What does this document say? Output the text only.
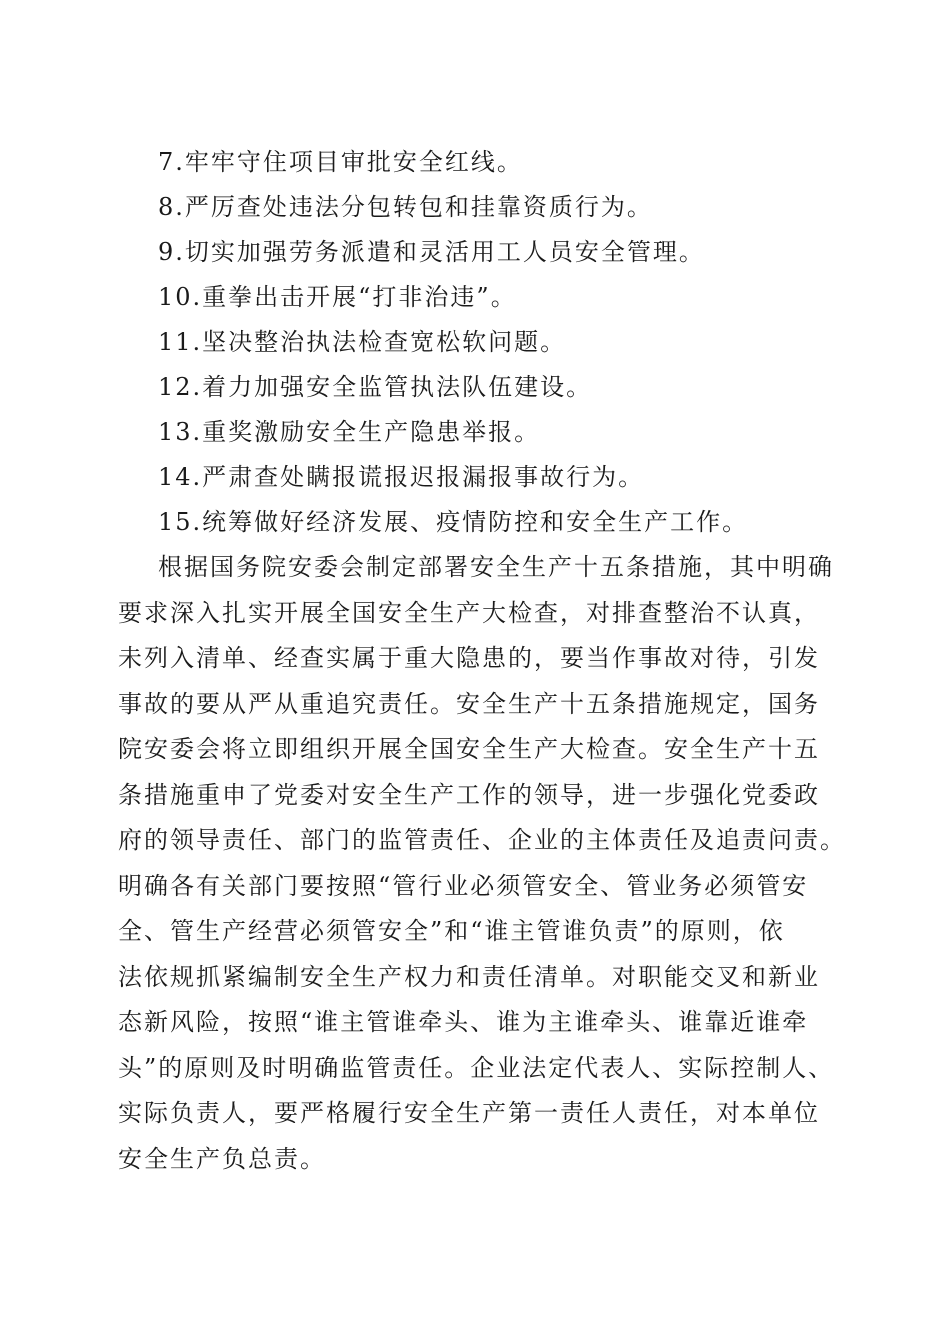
7.牢牢守住项目审批安全红线。
8.严厉查处违法分包转包和挂靠资质行为。
9.切实加强劳务派遣和灵活用工人员安全管理。
10.重拳出击开展“打非治违”。
11.坚决整治执法检查宽松软问题。
12.着力加强安全监管执法队伍建设。
13.重奖激励安全生产隐患举报。
14.严肃查处瞒报谎报迟报漏报事故行为。
15.统筹做好经济发展、疫情防控和安全生产工作。
根据国务院安委会制定部署安全生产十五条措施，其中明确
要求深入扎实开展全国安全生产大检查，对排查整治不认真，
未列入清单、经查实属于重大隐患的，要当作事故对待，引发
事故的要从严从重追究责任。安全生产十五条措施规定，国务
院安委会将立即组织开展全国安全生产大检查。安全生产十五
条措施重申了党委对安全生产工作的领导，进一步强化党委政
府的领导责任、部门的监管责任、企业的主体责任及追责问责。
明确各有关部门要按照“管行业必须管安全、管业务必须管安
全、管生产经营必须管安全”和“谁主管谁负责”的原则，依
法依规抓紧编制安全生产权力和责任清单。对职能交叉和新业
态新风险，按照“谁主管谁牵头、谁为主谁牵头、谁靠近谁牵
头”的原则及时明确监管责任。企业法定代表人、实际控制人、
实际负责人，要严格履行安全生产第一责任人责任，对本单位
安全生产负总责。
